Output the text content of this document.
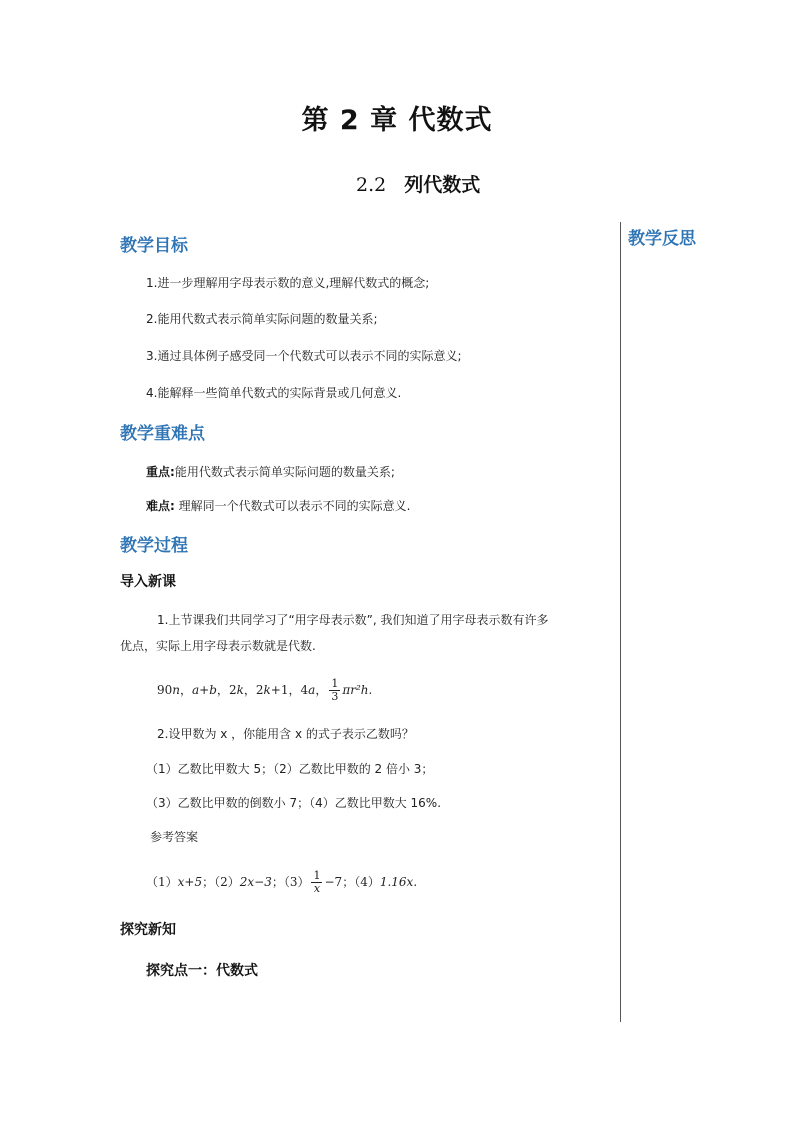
第 2 章 代数式
2.2 列代数式
教学反思
教学目标
1.进一步理解用字母表示数的意义,理解代数式的概念;
2.能用代数式表示简单实际问题的数量关系;
3.通过具体例子感受同一个代数式可以表示不同的实际意义;
4.能解释一些简单代数式的实际背景或几何意义.
教学重难点
重点:能用代数式表示简单实际问题的数量关系;
难点: 理解同一个代数式可以表示不同的实际意义.
教学过程
导入新课
1.上节课我们共同学习了“用字母表示数”, 我们知道了用字母表示数有许多
优点，实际上用字母表示数就是代数.
90n，a+b，2k，2k+1，4a， $\frac{1}{3} \pi r^2h$.
2.设甲数为 x ，你能用含 x 的式子表示乙数吗？
（1）乙数比甲数大 5；（2）乙数比甲数的 2 倍小 3；
（3）乙数比甲数的倒数小 7；（4）乙数比甲数大 16%.
参考答案
（1）x+5；（2）2x−3；$(3) \frac{1}{x} -7$；（4）1.16x.
探究新知
探究点一：代数式
